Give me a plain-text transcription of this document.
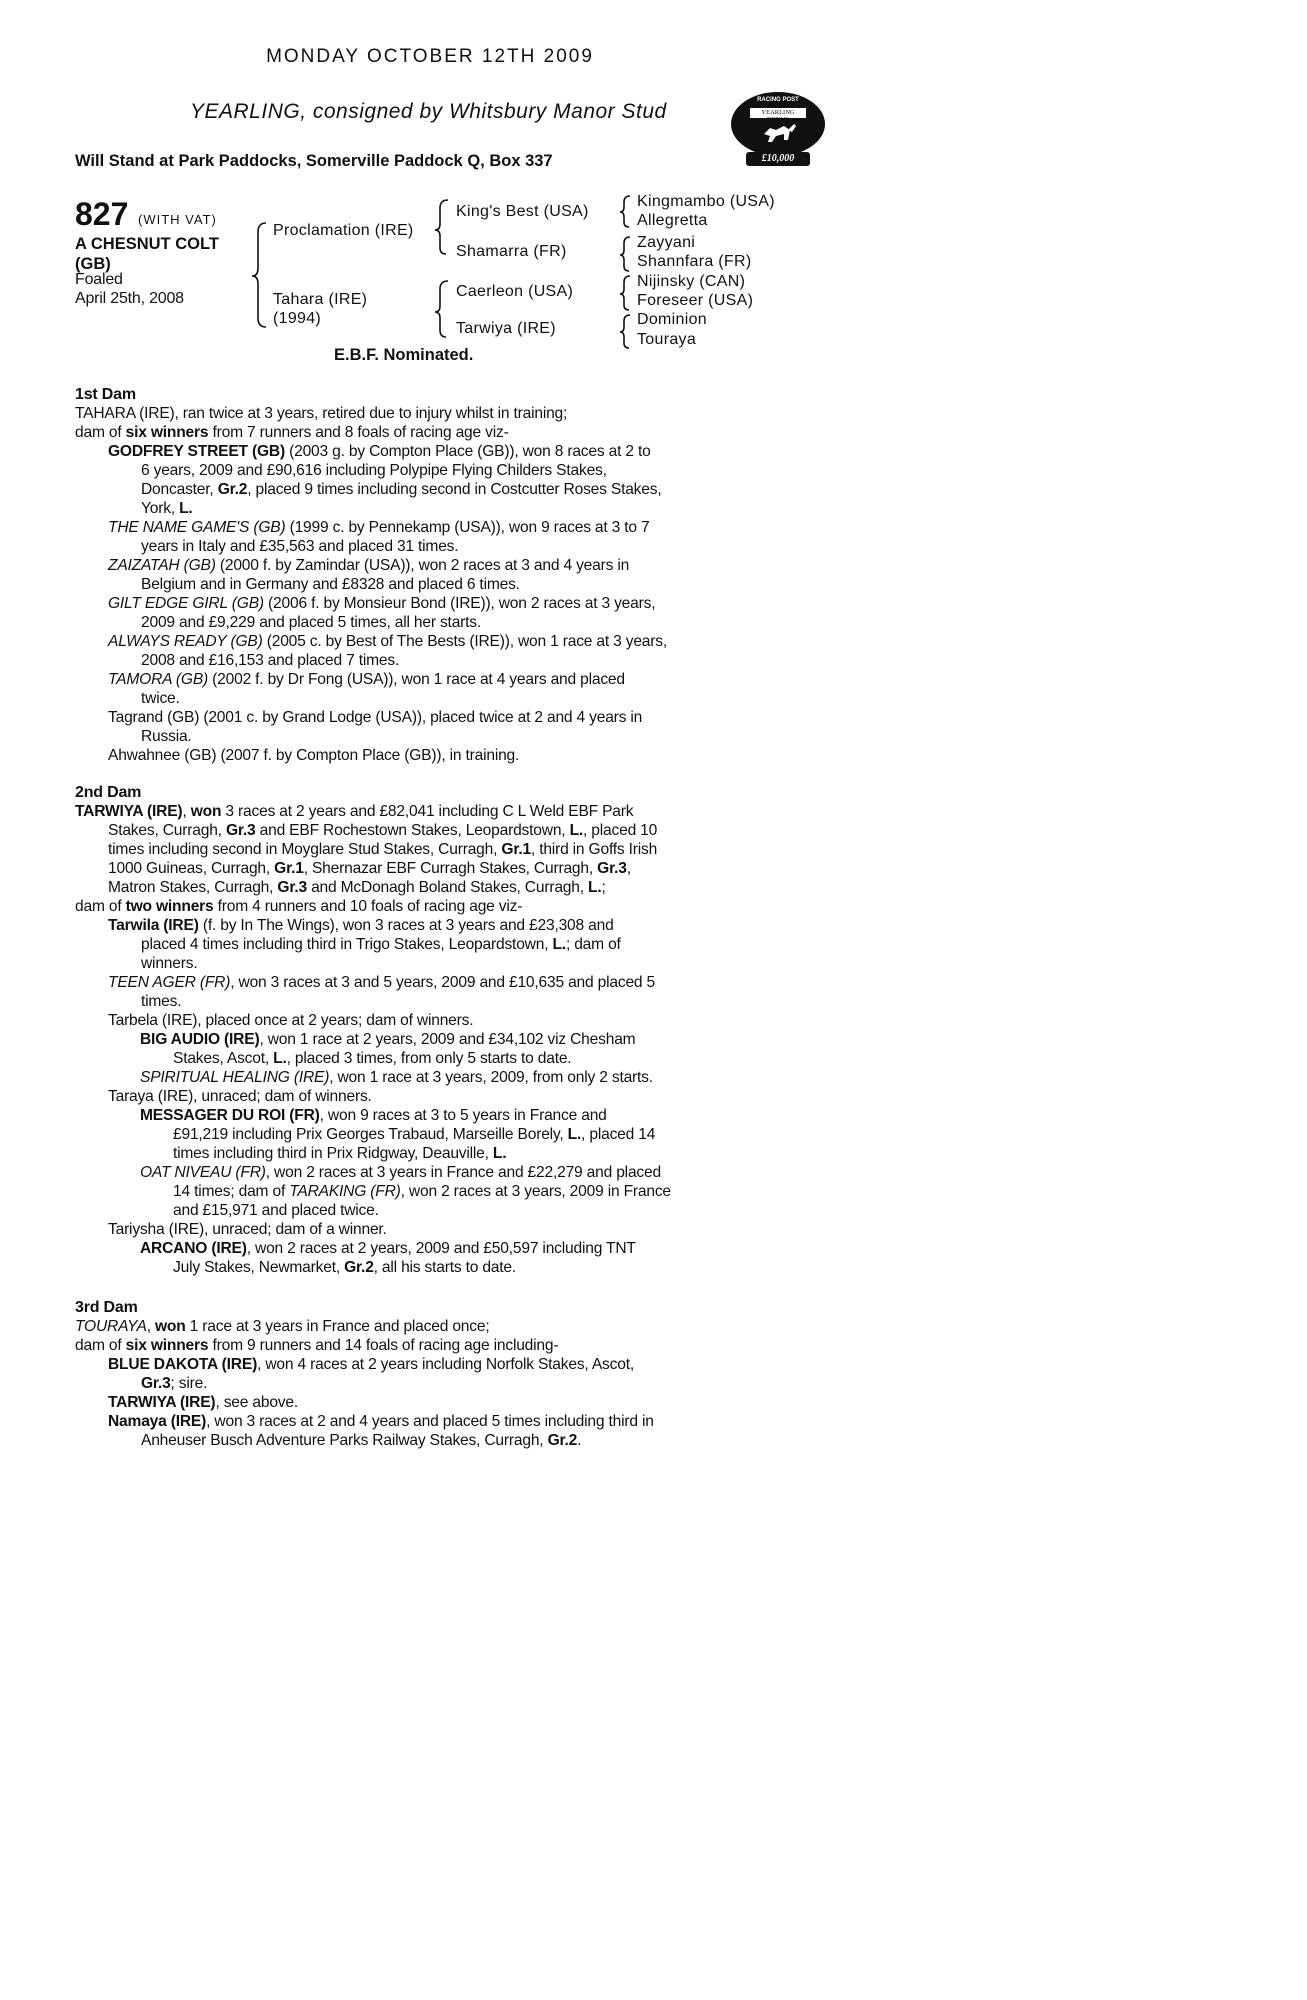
MONDAY OCTOBER 12TH 2009
YEARLING, consigned by Whitsbury Manor Stud
Will Stand at Park Paddocks, Somerville Paddock Q, Box 337
RACING POST
YEARLING BONUS
£10,000
827 (WITH VAT)
A CHESNUT COLT
(GB)
Foaled
April 25th, 2008
Proclamation (IRE)
Tahara (IRE)
(1994)
King's Best (USA)
Shamarra (FR)
Caerleon (USA)
Tarwiya (IRE)
Kingmambo (USA)
Allegretta
Zayyani
Shannfara (FR)
Nijinsky (CAN)
Foreseer (USA)
Dominion
Touraya
E.B.F. Nominated.
1st Dam

TAHARA (IRE), ran twice at 3 years, retired due to injury whilst in training;

dam of six winners from 7 runners and 8 foals of racing age viz-

GODFREY STREET (GB) (2003 g. by Compton Place (GB)), won 8 races at 2 to
6 years, 2009 and £90,616 including Polypipe Flying Childers Stakes,
Doncaster, Gr.2, placed 9 times including second in Costcutter Roses Stakes,
York, L.

THE NAME GAME'S (GB) (1999 c. by Pennekamp (USA)), won 9 races at 3 to 7
years in Italy and £35,563 and placed 31 times.

ZAIZATAH (GB) (2000 f. by Zamindar (USA)), won 2 races at 3 and 4 years in
Belgium and in Germany and £8328 and placed 6 times.

GILT EDGE GIRL (GB) (2006 f. by Monsieur Bond (IRE)), won 2 races at 3 years,
2009 and £9,229 and placed 5 times, all her starts.

ALWAYS READY (GB) (2005 c. by Best of The Bests (IRE)), won 1 race at 3 years,
2008 and £16,153 and placed 7 times.

TAMORA (GB) (2002 f. by Dr Fong (USA)), won 1 race at 4 years and placed
twice.

Tagrand (GB) (2001 c. by Grand Lodge (USA)), placed twice at 2 and 4 years in
Russia.

Ahwahnee (GB) (2007 f. by Compton Place (GB)), in training.

2nd Dam

TARWIYA (IRE), won 3 races at 2 years and £82,041 including C L Weld EBF Park
Stakes, Curragh, Gr.3 and EBF Rochestown Stakes, Leopardstown, L., placed 10
times including second in Moyglare Stud Stakes, Curragh, Gr.1, third in Goffs Irish
1000 Guineas, Curragh, Gr.1, Shernazar EBF Curragh Stakes, Curragh, Gr.3,
Matron Stakes, Curragh, Gr.3 and McDonagh Boland Stakes, Curragh, L.;

dam of two winners from 4 runners and 10 foals of racing age viz-

Tarwila (IRE) (f. by In The Wings), won 3 races at 3 years and £23,308 and
placed 4 times including third in Trigo Stakes, Leopardstown, L.; dam of
winners.

TEEN AGER (FR), won 3 races at 3 and 5 years, 2009 and £10,635 and placed 5
times.

Tarbela (IRE), placed once at 2 years; dam of winners.

BIG AUDIO (IRE), won 1 race at 2 years, 2009 and £34,102 viz Chesham
Stakes, Ascot, L., placed 3 times, from only 5 starts to date.

SPIRITUAL HEALING (IRE), won 1 race at 3 years, 2009, from only 2 starts.

Taraya (IRE), unraced; dam of winners.

MESSAGER DU ROI (FR), won 9 races at 3 to 5 years in France and
£91,219 including Prix Georges Trabaud, Marseille Borely, L., placed 14
times including third in Prix Ridgway, Deauville, L.

OAT NIVEAU (FR), won 2 races at 3 years in France and £22,279 and placed
14 times; dam of TARAKING (FR), won 2 races at 3 years, 2009 in France
and £15,971 and placed twice.

Tariysha (IRE), unraced; dam of a winner.

ARCANO (IRE), won 2 races at 2 years, 2009 and £50,597 including TNT
July Stakes, Newmarket, Gr.2, all his starts to date.

3rd Dam

TOURAYA, won 1 race at 3 years in France and placed once;

dam of six winners from 9 runners and 14 foals of racing age including-

BLUE DAKOTA (IRE), won 4 races at 2 years including Norfolk Stakes, Ascot,
Gr.3; sire.

TARWIYA (IRE), see above.

Namaya (IRE), won 3 races at 2 and 4 years and placed 5 times including third in
Anheuser Busch Adventure Parks Railway Stakes, Curragh, Gr.2.
